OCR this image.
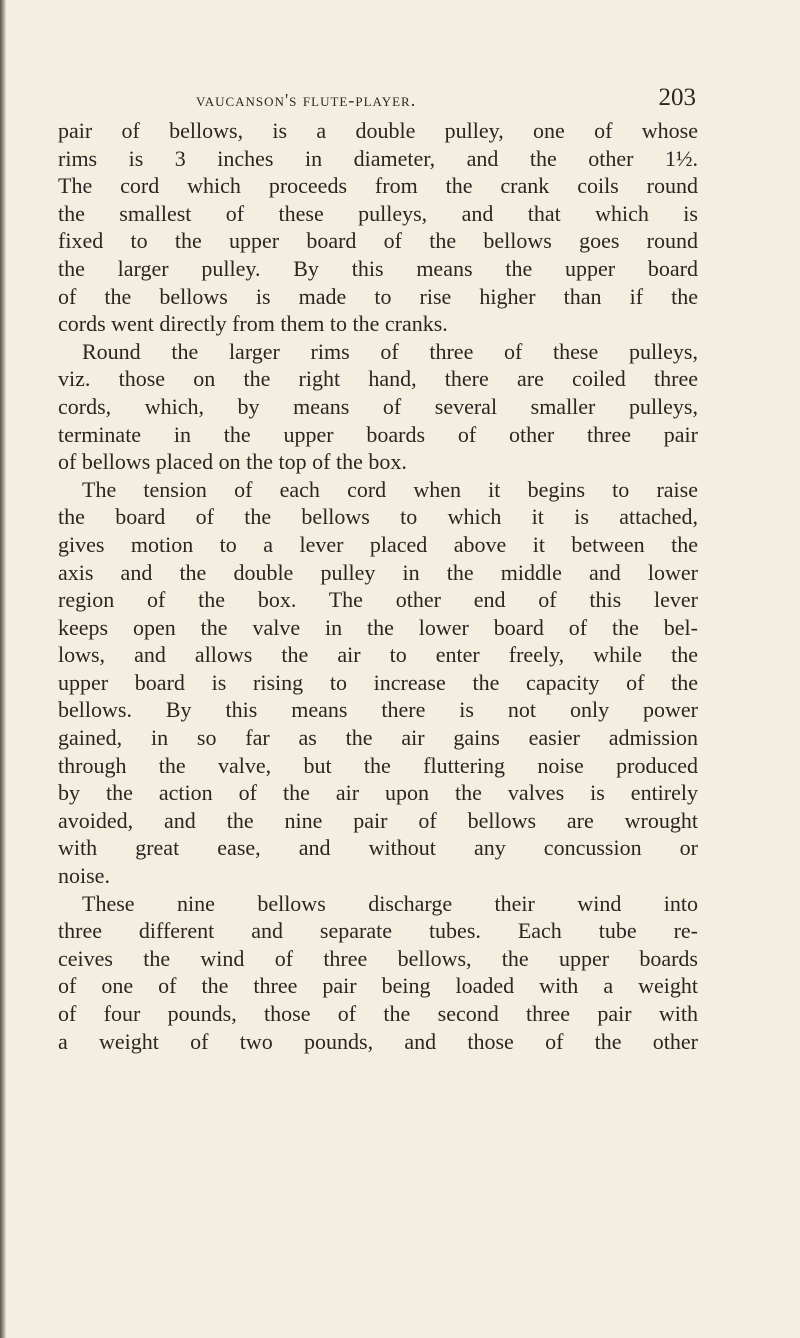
vaucanson's flute-player.	203
pair of bellows, is a double pulley, one of whose
rims is 3 inches in diameter, and the other 1½.
The cord which proceeds from the crank coils round
the smallest of these pulleys, and that which is
fixed to the upper board of the bellows goes round
the larger pulley. By this means the upper board
of the bellows is made to rise higher than if the
cords went directly from them to the cranks.
Round the larger rims of three of these pulleys,
viz. those on the right hand, there are coiled three
cords, which, by means of several smaller pulleys,
terminate in the upper boards of other three pair
of bellows placed on the top of the box.
The tension of each cord when it begins to raise
the board of the bellows to which it is attached,
gives motion to a lever placed above it between the
axis and the double pulley in the middle and lower
region of the box. The other end of this lever
keeps open the valve in the lower board of the bel-
lows, and allows the air to enter freely, while the
upper board is rising to increase the capacity of the
bellows. By this means there is not only power
gained, in so far as the air gains easier admission
through the valve, but the fluttering noise produced
by the action of the air upon the valves is entirely
avoided, and the nine pair of bellows are wrought
with great ease, and without any concussion or
noise.
These nine bellows discharge their wind into
three different and separate tubes. Each tube re-
ceives the wind of three bellows, the upper boards
of one of the three pair being loaded with a weight
of four pounds, those of the second three pair with
a weight of two pounds, and those of the other
